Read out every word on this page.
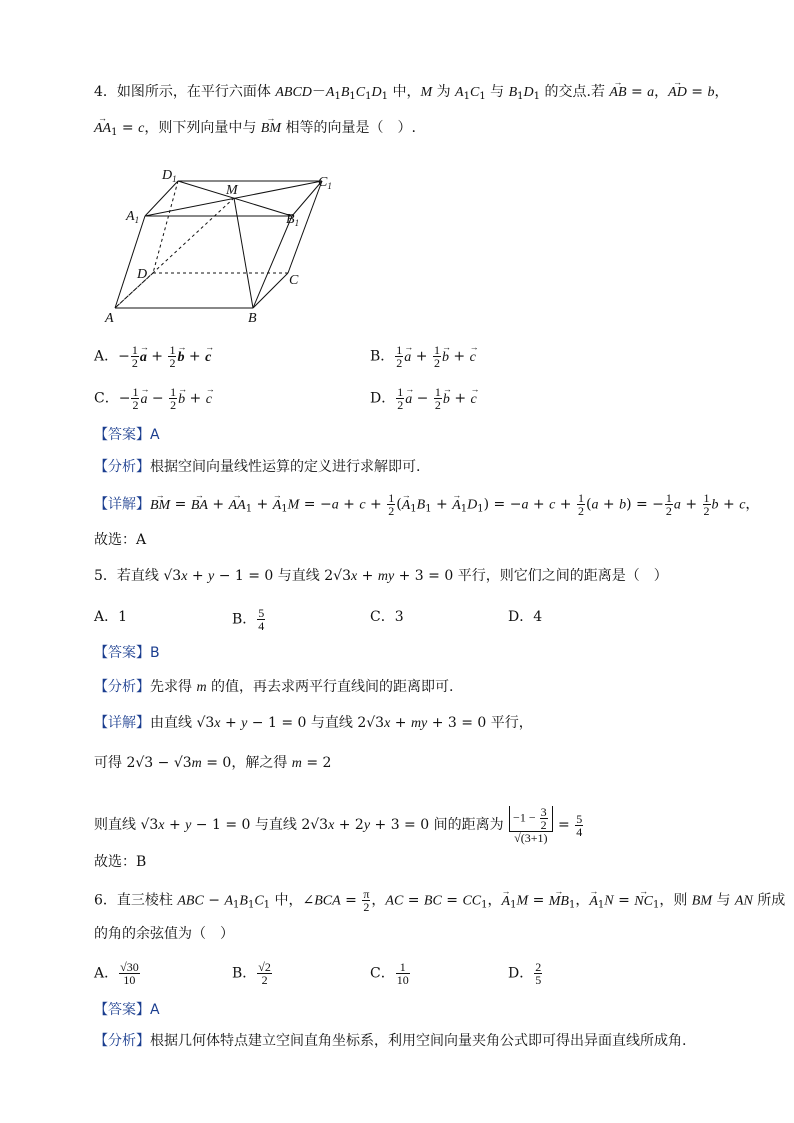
4．如图所示，在平行六面体 $ABCD-A_1B_1C_1D_1$ 中，M 为 $A_1C_1$ 与 $B_1D_1$ 的交点.若 → AB = a，→ AD = b，
→ $AA_1 = c$，则下列向量中与 → BM 相等的向量是（　）.
$D_1$
M
$C_1$
$A_1$	$B_1$
D	C
A	B
A．− $\frac{1}{2}$
→ $a + \frac{1}{2}$
→ b + → c	B． $\frac{1}{2}$
→ $a + \frac{1}{2}$
→ b + → c
C．− $\frac{1}{2}$
→ $a - \frac{1}{2}$
→ b + → c	D． $\frac{1}{2}$
→ $a - \frac{1}{2}$
→ b + → c
【答案】A
【分析】根据空间向量线性运算的定义进行求解即可.
【详解】→ BM = → BA + → $AA_1$ + → $A_1M = -a + c + \frac{1}{2}$ (→ $A_1B_1$ + → $A_1D_1) = -a + c + \frac{1}{2} (a + b)$ = − $\frac{1}{2}$ $a + \frac{1}{2}$ b + c，
故选：A
5．若直线 √3x + y − 1 = 0 与直线 2√3x + my + 3 = 0 平行，则它们之间的距离是（　）
A．1	B． $\frac{5}{4}$	C．3	D．4
【答案】B
【分析】先求得 m 的值，再去求两平行直线间的距离即可.
【详解】由直线 √3x + y − 1 = 0 与直线 2√3x + my + 3 = 0 平行，
可得 2√3 − √3m = 0，解之得 m = 2
则直线 √3x + y − 1 = 0 与直线 2√3x + 2y + 3 = 0 间的距离为 $\frac{-1 - \frac{3}{2}}{√(3+1)} = \frac{5}{4}$
故选：B
6．直三棱柱 ABC − $A_1B_1C_1$ 中，∠BCA = $\frac{\pi}{2}$ ，AC = BC = $CC_1$，→ $A_1M$ = → $MB_1$，→ $A_1N$ = → $NC_1$，则 BM 与 AN 所成
的角的余弦值为（　）
A． $\frac{√30}{10}$	B． $\frac{√2}{2}$	C． $\frac{1}{10}$	D． $\frac{2}{5}$
【答案】A
【分析】根据几何体特点建立空间直角坐标系，利用空间向量夹角公式即可得出异面直线所成角.
